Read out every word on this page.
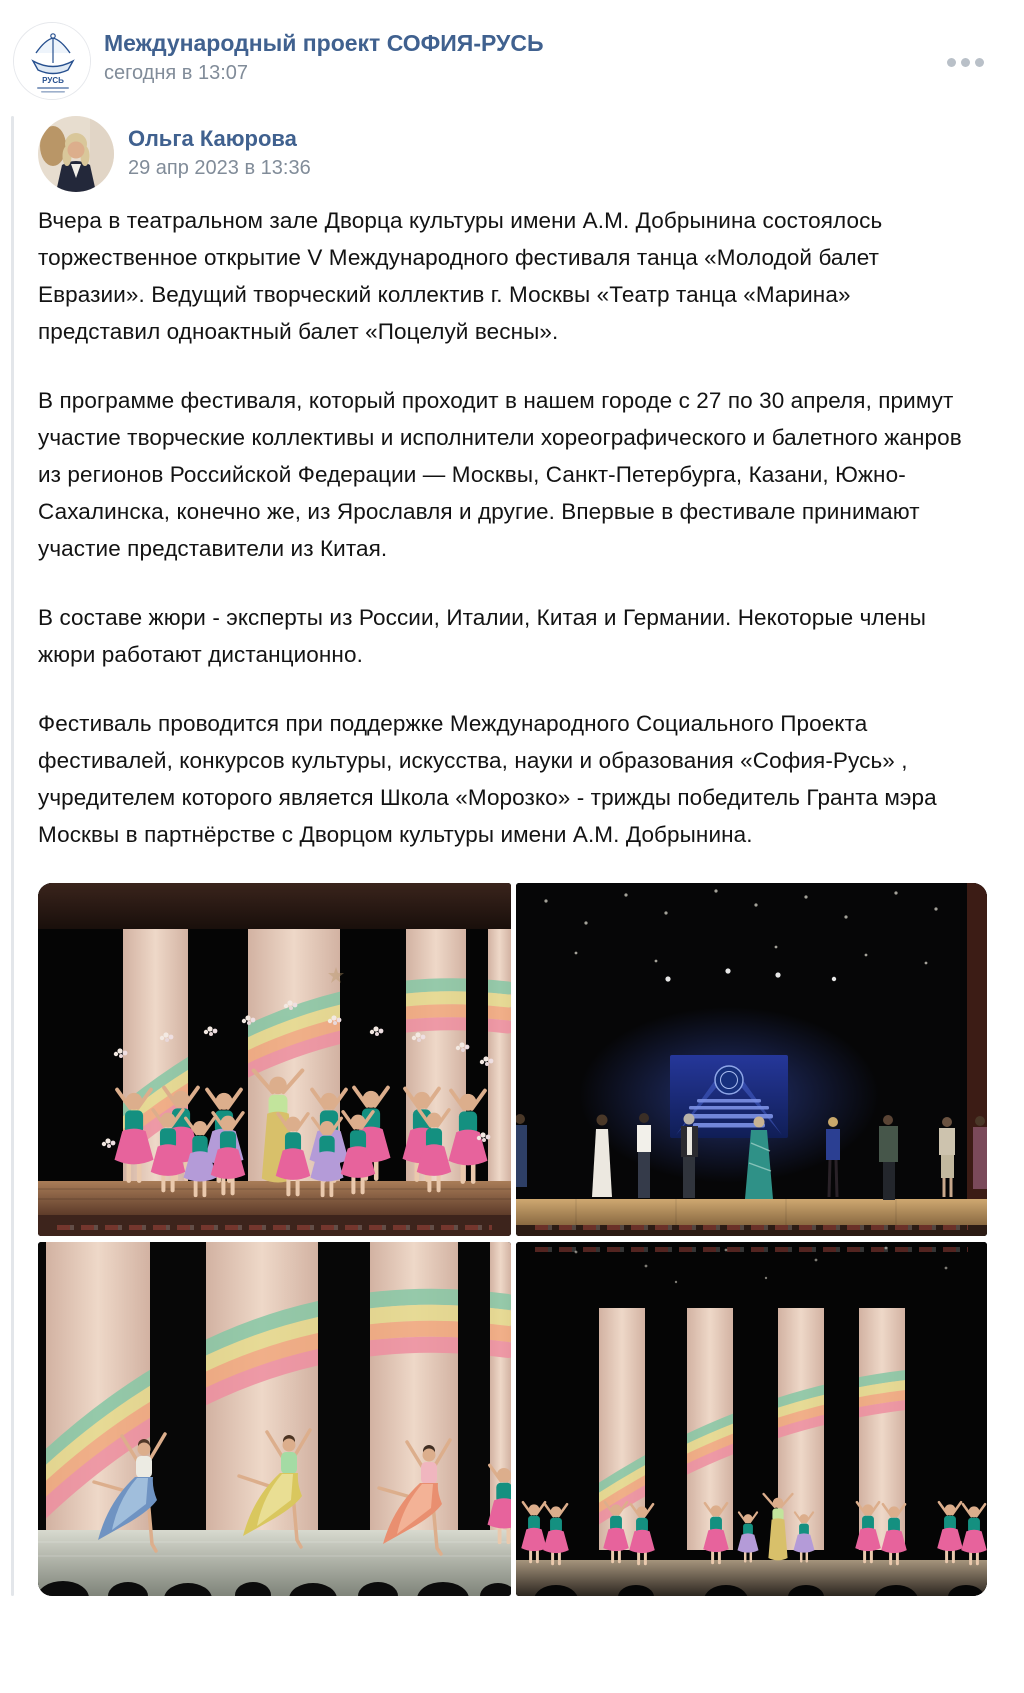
РУСЬ
Международный проект СОФИЯ-РУСЬ
сегодня в 13:07
Ольга Каюрова
29 апр 2023 в 13:36

Вчера в театральном зале Дворца культуры имени А.М. Добрынина состоялось торжественное открытие V Международного фестиваля танца «Молодой балет Евразии». Ведущий творческий коллектив г. Москвы «Театр танца «Марина» представил одноактный балет «Поцелуй весны».

В программе фестиваля, который проходит в нашем городе с 27 по 30 апреля, примут участие творческие коллективы и исполнители хореографического и балетного жанров из регионов Российской Федерации — Москвы, Санкт-Петербурга, Казани, Южно-Сахалинска, конечно же, из Ярославля и другие. Впервые в фестивале принимают участие представители из Китая.

В составе жюри - эксперты из России, Италии, Китая и Германии. Некоторые члены жюри работают дистанционно.

Фестиваль проводится при поддержке Международного Социального Проекта фестивалей, конкурсов культуры, искусства, науки и образования «София-Русь» , учредителем которого является Школа «Морозко» - трижды победитель Гранта мэра Москвы в партнёрстве с Дворцом культуры имени А.М. Добрынина.
